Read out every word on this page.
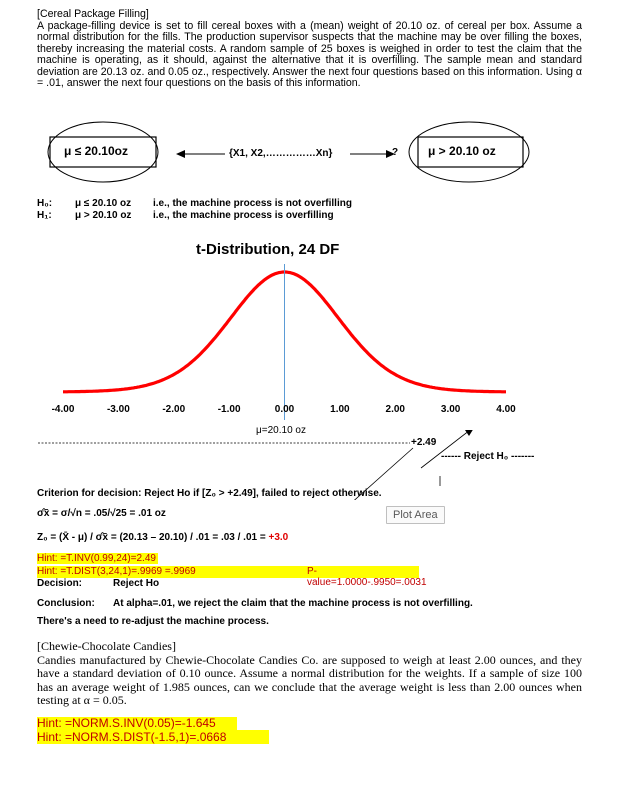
[Cereal Package Filling]
A package-filling device is set to fill cereal boxes with a (mean) weight of 20.10 oz. of cereal per box. Assume a normal distribution for the fills. The production supervisor suspects that the machine may be over filling the boxes, thereby increasing the material costs. A random sample of 25 boxes is weighed in order to test the claim that the machine is operating, as it should, against the alternative that it is overfilling. The sample mean and standard deviation are 20.13 oz. and 0.05 oz., respectively. Answer the next four questions based on this information. Using α = .01, answer the next four questions on the basis of this information.
μ ≤ 20.10oz	{X1, X2,……………Xn}	? μ > 20.10 oz
H₀:	μ ≤ 20.10 oz	i.e., the machine process is not overfilling
H₁:	μ > 20.10 oz	i.e., the machine process is overfilling
t-Distribution, 24 DF
-4.00	-3.00	-2.00	-1.00	0.00	1.00	2.00	3.00	4.00
μ=20.10 oz
+2.49
------ Reject H₀ -------
Criterion for decision: Reject Ho if [Z₀ > +2.49], failed to reject otherwise.
Plot Area
σ̂x̄ = σ/√n = .05/√25 = .01 oz
Z₀ = (X̄ - μ) / σ̂x̄ = (20.13 – 20.10) / .01 = .03 / .01 = +3.0
Hint: =T.INV(0.99,24)=2.49
Hint: =T.DIST(3,24,1)=.9969 =.9969	P-value=1.0000-.9950=.0031
Decision:	Reject Ho
Conclusion: At alpha=.01, we reject the claim that the machine process is not overfilling.
There's a need to re-adjust the machine process.
[Chewie-Chocolate Candies]
Candies manufactured by Chewie-Chocolate Candies Co. are supposed to weigh at least 2.00 ounces, and they have a standard deviation of 0.10 ounce. Assume a normal distribution for the weights. If a sample of size 100 has an average weight of 1.985 ounces, can we conclude that the average weight is less than 2.00 ounces when testing at α = 0.05.
Hint: =NORM.S.INV(0.05)=-1.645
Hint: =NORM.S.DIST(-1.5,1)=.0668
